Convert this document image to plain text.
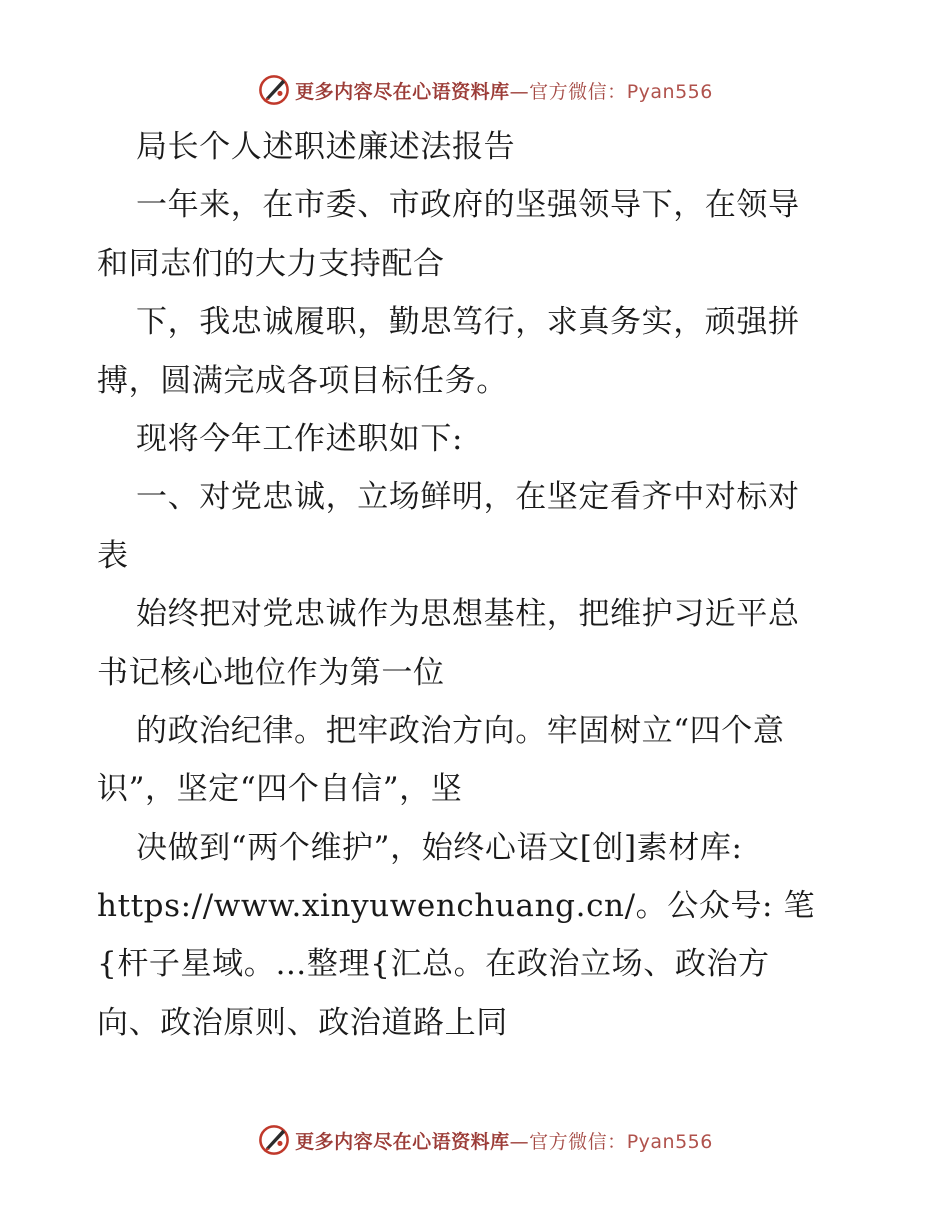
更多内容尽在心语资料库—官方微信：Pyan556
局长个人述职述廉述法报告
一年来，在市委、市政府的坚强领导下，在领导
和同志们的大力支持配合
下，我忠诚履职，勤思笃行，求真务实，顽强拼
搏，圆满完成各项目标任务。
现将今年工作述职如下:
一、对党忠诚，立场鲜明，在坚定看齐中对标对
表
始终把对党忠诚作为思想基柱，把维护习近平总
书记核心地位作为第一位
的政治纪律。把牢政治方向。牢固树立“四个意
识”，坚定“四个自信”，坚
决做到“两个维护”，始终心语文[创]素材库:
https://www.xinyuwenchuang.cn/。公众号: 笔
{杆子星域。…整理{汇总。在政治立场、政治方
向、政治原则、政治道路上同
更多内容尽在心语资料库—官方微信：Pyan556
